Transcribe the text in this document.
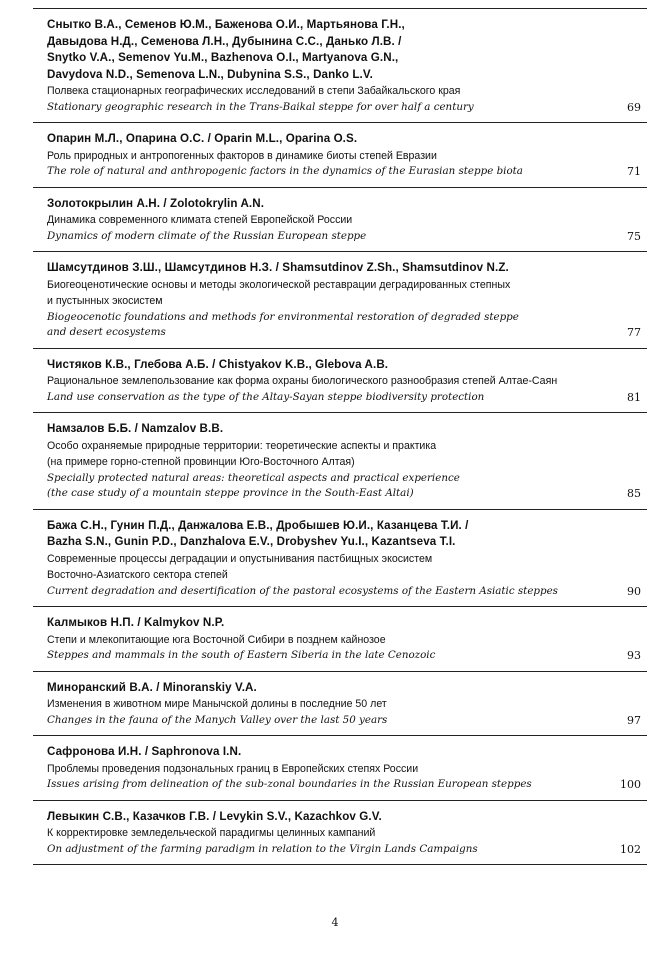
Снытко В.А., Семенов Ю.М., Баженова О.И., Мартьянова Г.Н.,
Давыдова Н.Д., Семенова Л.Н., Дубынина С.С., Данько Л.В. /
Snytko V.A., Semenov Yu.M., Bazhenova O.I., Martyanova G.N.,
Davydova N.D., Semenova L.N., Dubynina S.S., Danko L.V.
Полвека стационарных географических исследований в степи Забайкальского края
Stationary geographic research in the Trans-Baikal steppe for over half a century	69
Опарин М.Л., Опарина О.С. / Oparin M.L., Oparina O.S.
Роль природных и антропогенных факторов в динамике биоты степей Евразии
The role of natural and anthropogenic factors in the dynamics of the Eurasian steppe biota	71
Золотокрылин А.Н. / Zolotokrylin A.N.
Динамика современного климата степей Европейской России
Dynamics of modern climate of the Russian European steppe	75
Шамсутдинов З.Ш., Шамсутдинов Н.З. / Shamsutdinov Z.Sh., Shamsutdinov N.Z.
Биогеоценотические основы и методы экологической реставрации деградированных степных
и пустынных экосистем
Biogeocenotic foundations and methods for environmental restoration of degraded steppe
and desert ecosystems	77
Чистяков К.В., Глебова А.Б. / Chistyakov K.B., Glebova A.B.
Рациональное землепользование как форма охраны биологического разнообразия степей Алтае-Саян
Land use conservation as the type of the Altay-Sayan steppe biodiversity protection	81
Намзалов Б.Б. / Namzalov B.B.
Особо охраняемые природные территории: теоретические аспекты и практика
(на примере горно-степной провинции Юго-Восточного Алтая)
Specially protected natural areas: theoretical aspects and practical experience
(the case study of a mountain steppe province in the South-East Altai)	85
Бажа С.Н., Гунин П.Д., Данжалова Е.В., Дробышев Ю.И., Казанцева Т.И. /
Bazha S.N., Gunin P.D., Danzhalova E.V., Drobyshev Yu.I., Kazantseva T.I.
Современные процессы деградации и опустынивания пастбищных экосистем
Восточно-Азиатского сектора степей
Current degradation and desertification of the pastoral ecosystems of the Eastern Asiatic steppes	90
Калмыков Н.П. / Kalmykov N.P.
Степи и млекопитающие юга Восточной Сибири в позднем кайнозое
Steppes and mammals in the south of Eastern Siberia in the late Cenozoic	93
Миноранский В.А. / Minoranskiy V.A.
Изменения в животном мире Манычской долины в последние 50 лет
Changes in the fauna of the Manych Valley over the last 50 years	97
Сафронова И.Н. / Saphronova I.N.
Проблемы проведения подзональных границ в Европейских степях России
Issues arising from delineation of the sub-zonal boundaries in the Russian European steppes	100
Левыкин С.В., Казачков Г.В. / Levykin S.V., Kazachkov G.V.
К корректировке земледельческой парадигмы целинных кампаний
On adjustment of the farming paradigm in relation to the Virgin Lands Campaigns	102
4
